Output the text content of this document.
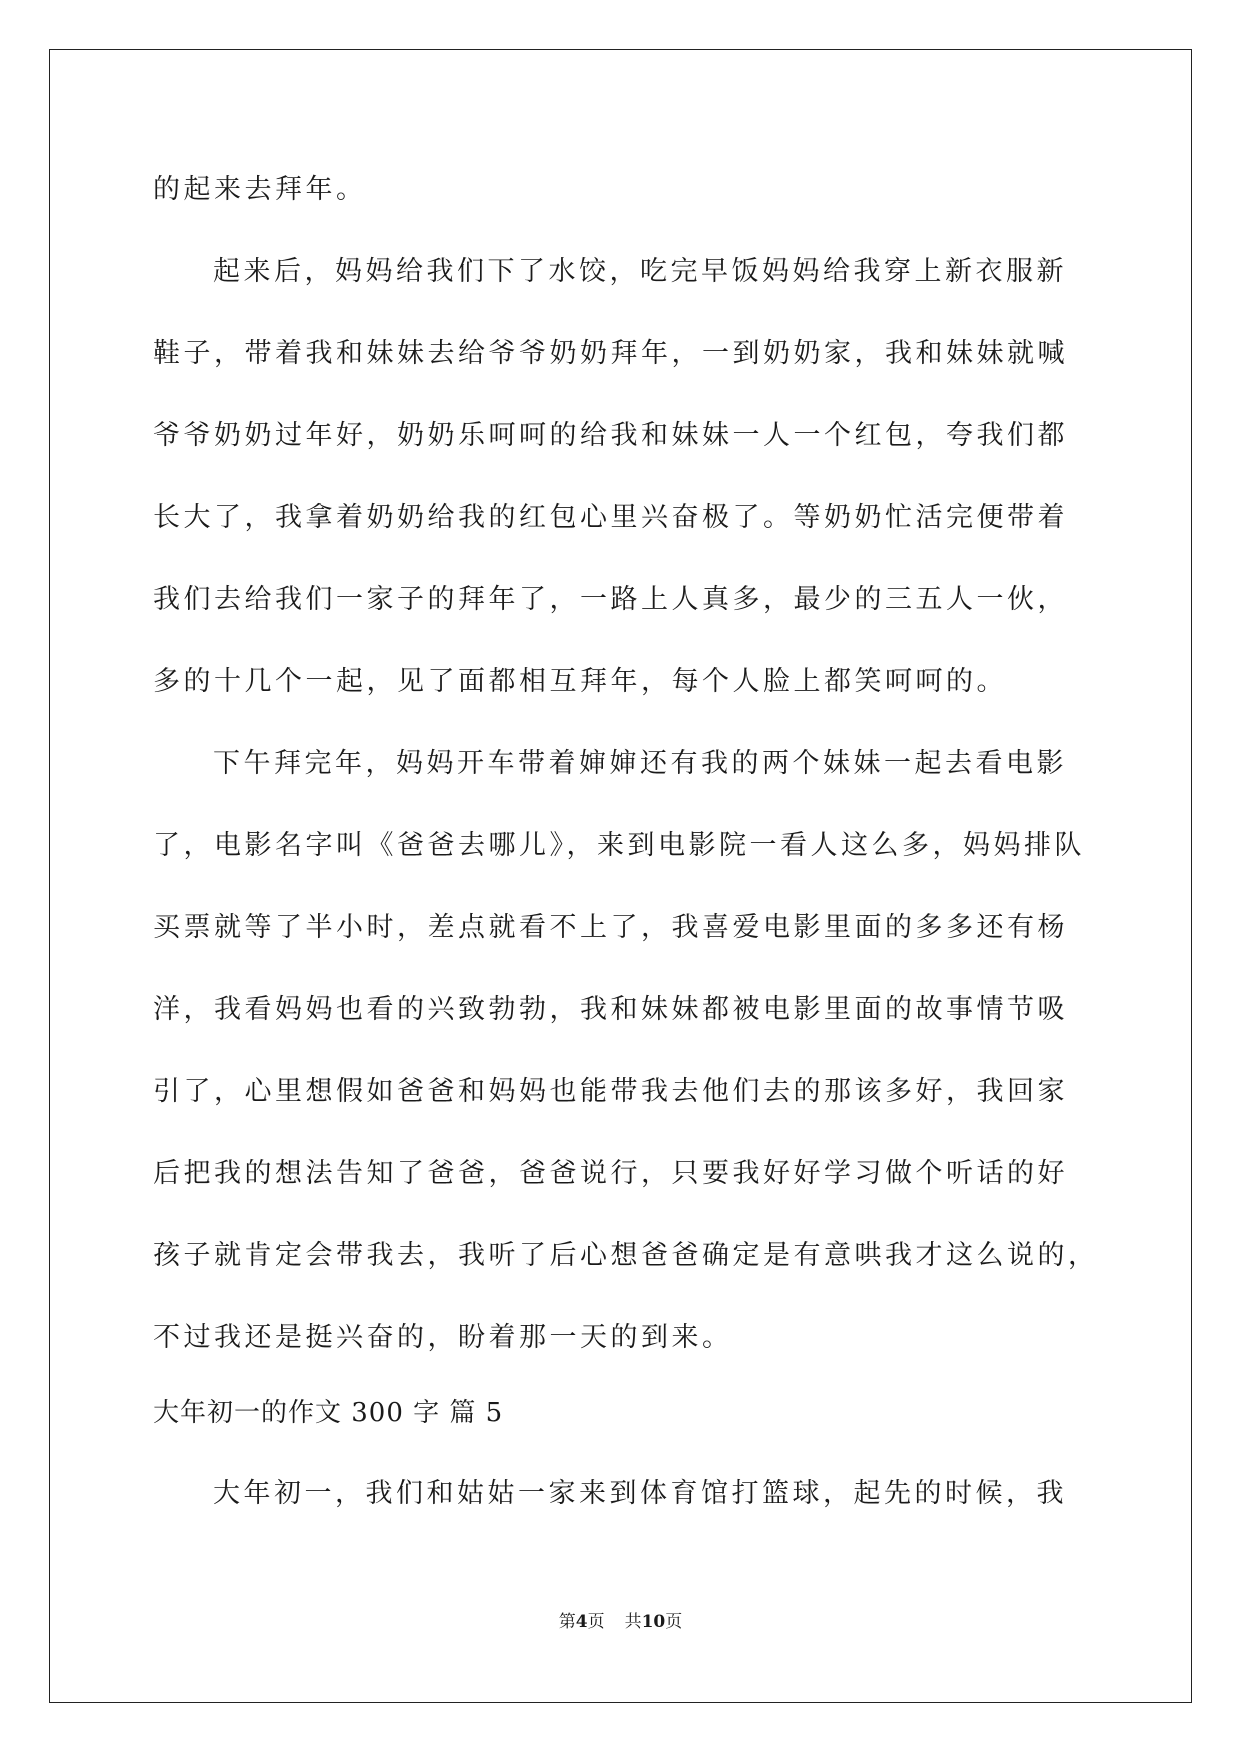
的起来去拜年。

起来后，妈妈给我们下了水饺，吃完早饭妈妈给我穿上新衣服新

鞋子，带着我和妹妹去给爷爷奶奶拜年，一到奶奶家，我和妹妹就喊

爷爷奶奶过年好，奶奶乐呵呵的给我和妹妹一人一个红包，夸我们都

长大了，我拿着奶奶给我的红包心里兴奋极了。等奶奶忙活完便带着

我们去给我们一家子的拜年了，一路上人真多，最少的三五人一伙，

多的十几个一起，见了面都相互拜年，每个人脸上都笑呵呵的。

下午拜完年，妈妈开车带着婶婶还有我的两个妹妹一起去看电影

了，电影名字叫《爸爸去哪儿》，来到电影院一看人这么多，妈妈排队

买票就等了半小时，差点就看不上了，我喜爱电影里面的多多还有杨

洋，我看妈妈也看的兴致勃勃，我和妹妹都被电影里面的故事情节吸

引了，心里想假如爸爸和妈妈也能带我去他们去的那该多好，我回家

后把我的想法告知了爸爸，爸爸说行，只要我好好学习做个听话的好

孩子就肯定会带我去，我听了后心想爸爸确定是有意哄我才这么说的，

不过我还是挺兴奋的，盼着那一天的到来。

大年初一的作文 300 字 篇 5

大年初一，我们和姑姑一家来到体育馆打篮球，起先的时候，我

第4页 共10页
